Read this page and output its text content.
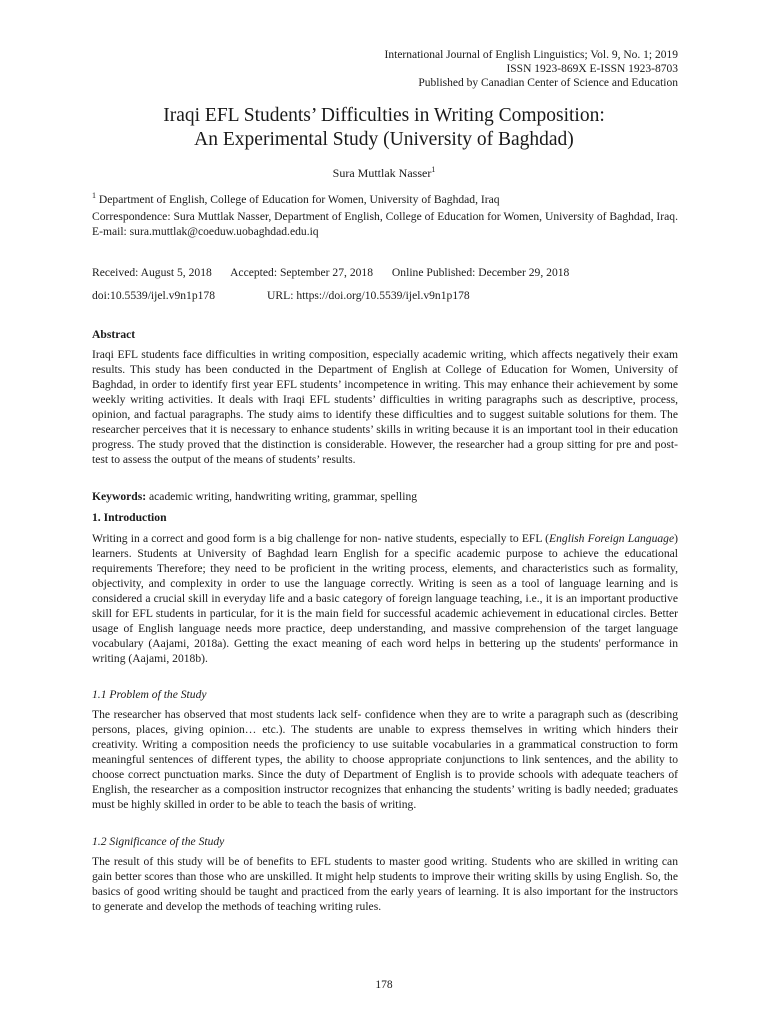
International Journal of English Linguistics; Vol. 9, No. 1; 2019
ISSN 1923-869X E-ISSN 1923-8703
Published by Canadian Center of Science and Education
Iraqi EFL Students’ Difficulties in Writing Composition:
An Experimental Study (University of Baghdad)
Sura Muttlak Nasser$^1$
$^1$ Department of English, College of Education for Women, University of Baghdad, Iraq
Correspondence: Sura Muttlak Nasser, Department of English, College of Education for Women, University of Baghdad, Iraq. E-mail: sura.muttlak@coeduw.uobaghdad.edu.iq
Received: August 5, 2018 Accepted: September 27, 2018 Online Published: December 29, 2018
doi:10.5539/ijel.v9n1p178	URL: https://doi.org/10.5539/ijel.v9n1p178
Abstract

Iraqi EFL students face difficulties in writing composition, especially academic writing, which affects negatively their exam results. This study has been conducted in the Department of English at College of Education for Women, University of Baghdad, in order to identify first year EFL students’ incompetence in writing. This may enhance their achievement by some weekly writing activities. It deals with Iraqi EFL students’ difficulties in writing paragraphs such as descriptive, process, opinion, and factual paragraphs. The study aims to identify these difficulties and to suggest suitable solutions for them. The researcher perceives that it is necessary to enhance students’ skills in writing because it is an important tool in their education progress. The study proved that the distinction is considerable. However, the researcher had a group sitting for pre and post- test to assess the output of the means of students’ results.

Keywords: academic writing, handwriting writing, grammar, spelling
1. Introduction

Writing in a correct and good form is a big challenge for non- native students, especially to EFL (English Foreign Language) learners. Students at University of Baghdad learn English for a specific academic purpose to achieve the educational requirements Therefore; they need to be proficient in the writing process, elements, and characteristics such as formality, objectivity, and complexity in order to use the language correctly. Writing is seen as a tool of language learning and is considered a crucial skill in everyday life and a basic category of foreign language teaching, i.e., it is an important productive skill for EFL students in particular, for it is the main field for successful academic achievement in educational circles. Better usage of English language needs more practice, deep understanding, and massive comprehension of the target language vocabulary (Aajami, 2018a). Getting the exact meaning of each word helps in bettering up the students' performance in writing (Aajami, 2018b).

1.1 Problem of the Study

The researcher has observed that most students lack self- confidence when they are to write a paragraph such as (describing persons, places, giving opinion… etc.). The students are unable to express themselves in writing which hinders their creativity. Writing a composition needs the proficiency to use suitable vocabularies in a grammatical construction to form meaningful sentences of different types, the ability to choose appropriate conjunctions to link sentences, and the ability to choose correct punctuation marks. Since the duty of Department of English is to provide schools with adequate teachers of English, the researcher as a composition instructor recognizes that enhancing the students’ writing is badly needed; graduates must be highly skilled in order to be able to teach the basis of writing.

1.2 Significance of the Study

The result of this study will be of benefits to EFL students to master good writing. Students who are skilled in writing can gain better scores than those who are unskilled. It might help students to improve their writing skills by using English. So, the basics of good writing should be taught and practiced from the early years of learning. It is also important for the instructors to generate and develop the methods of teaching writing rules.

178
